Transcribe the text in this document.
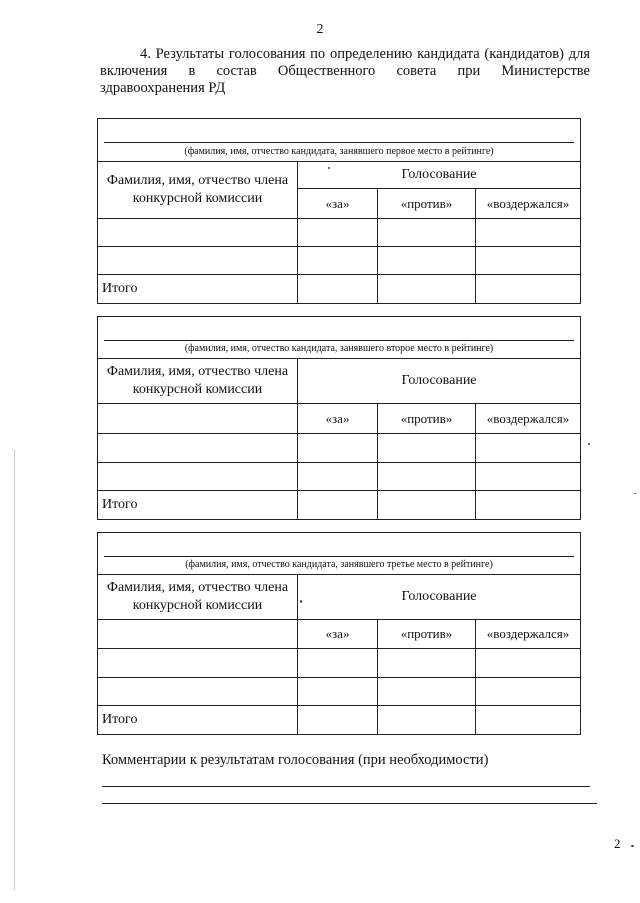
2
4. Результаты голосования по определению кандидата (кандидатов) для включения в состав Общественного совета при Министерстве здравоохранения РД
(фамилия, имя, отчество кандидата, занявшего первое место в рейтинге)			

Фамилия, имя, отчество члена конкурсной комиссии	Голосование		
	«за»	«против»	«воздержался»

Итого			
(фамилия, имя, отчество кандидата, занявшего второе место в рейтинге)			

Фамилия, имя, отчество члена конкурсной комиссии	Голосование		
	«за»	«против»	«воздержался»

Итого			
(фамилия, имя, отчество кандидата, занявшего третье место в рейтинге)			

Фамилия, имя, отчество члена конкурсной комиссии	Голосование		
	«за»	«против»	«воздержался»

Итого			
Комментарии к результатам голосования (при необходимости)
2
